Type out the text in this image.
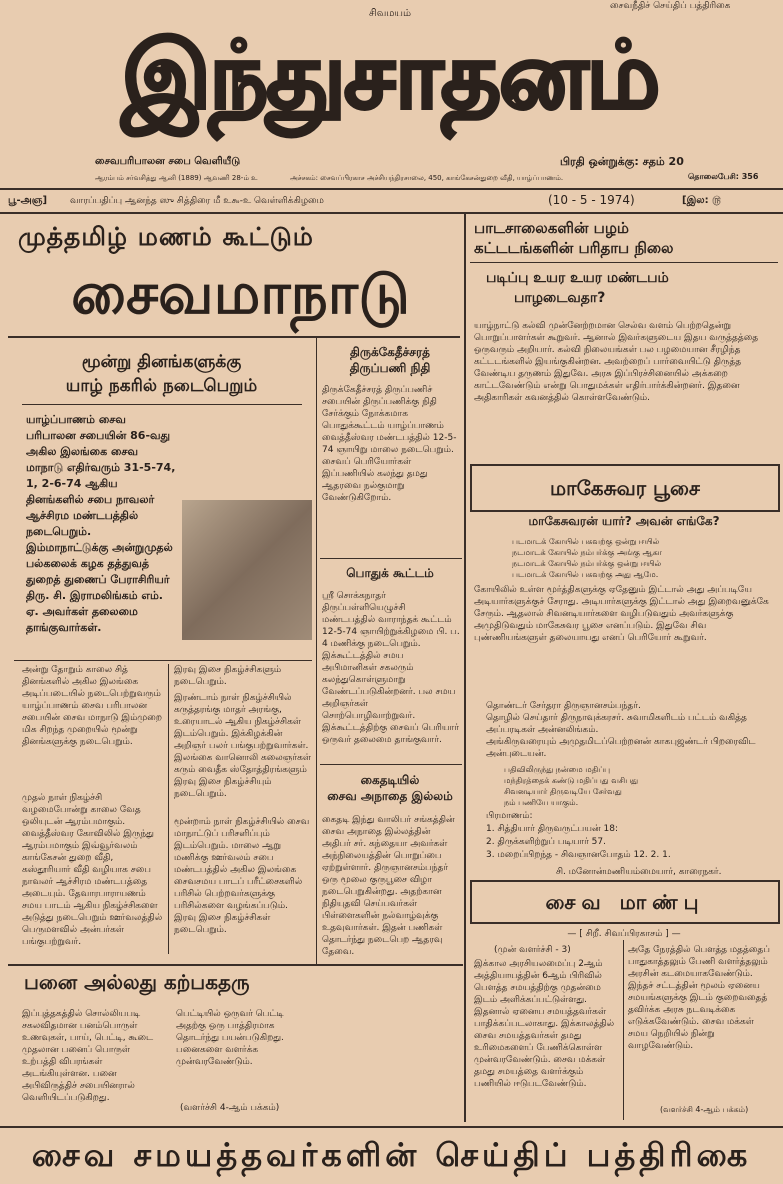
சைவநீதிச் செய்திப் பத்திரிகை
சிவமயம்
இந்துசாதனம்
சைவபரிபாலன சபை வெளியீடு	பிரதி ஒன்றுக்கு: சதம் 20
ஆரம்பம் சர்வசித்து ஆனி (1889) ஆவணி 28-ம் உ	அச்சகம்: சைவப்பிரகாச அச்சியந்திரசாலை, 450, காங்கேசன்துறை வீதி, யாழ்ப்பாணம்.	தொலைபேசி: 356
பூ-அஞ]	வாரப்பதிப்பு ஆனந்த ஸு சித்திரை மீ உ௯-உ வெள்ளிக்கிழமை	(10 - 5 - 1974)	[இல: ௫
முத்தமிழ் மணம் கூட்டும்
சைவமாநாடு
மூன்று தினங்களுக்கு
யாழ் நகரில் நடைபெறும்
யாழ்ப்பாணம் சைவ பரிபாலன சபையின் 86-வது அகில இலங்கை சைவ மாநாடு எதிர்வரும் 31-5-74, 1, 2-6-74 ஆகிய தினங்களில் சபை நாவலர் ஆச்சிரம மண்டபத்தில் நடைபெறும். இம்மாநாட்டுக்கு அன்றுமுதல் பல்கலைக் கழக தத்துவத் துறைத் துணைப் பேராசிரியர் திரு. சி. இராமலிங்கம் எம். ஏ. அவர்கள் தலைமை தாங்குவார்கள்.
அன்று தோறும் காலை சித் தினங்களில் அகில இலங்கை அடிப்படையில் நடைபெற்றுவரும் யாழ்ப்பாணம் சைவ பரிபாலன சபையின் சைவ மாநாடு இம்முறை மிக சிறந்த முறையில் மூன்று தினங்களுக்கு நடைபெறும்.
முதல் நாள் நிகழ்ச்சி வழமைபோன்று காலை வேத ஒலியுடன் ஆரம்பமாகும். வைத்தீஸ்வர கோவிலில் இருந்து ஆரம்பமாகும் இவ்வூர்வலம் காங்கேசன் துறை வீதி, கஸ்தூரியார் வீதி வழியாக சபை நாவலர் ஆச்சிரம மண்டபத்தை அடையும். தேவாரபாராயணம் சமய பாடம் ஆகிய நிகழ்ச்சிகளை அடுத்து நடைபெறும் ஊர்வலத்தில் பெருமளவில் அன்பர்கள் பங்குபற்றுவர்.
இரவு இசை நிகழ்ச்சிகளும் நடைபெறும்.
இரண்டாம் நாள் நிகழ்ச்சியில் கருத்தரங்கு மாதர் அரங்கு, உரையாடல் ஆகிய நிகழ்ச்சிகள் இடம்பெறும். இக்கிழக்கின் அறிஞர் பலர் பங்குபற்றுவார்கள். இலங்கை வானொலி கலைஞர்கள் கரும் வைதீக ஸ்தோத்திரங்களும் இரவு இசை நிகழ்ச்சியும் நடைபெறும்.
மூன்றாம் நாள் நிகழ்ச்சியில் சைவ மாநாட்டுப் பரிசளிப்பும் இடம்பெறும். மாலை ஆறு மணிக்கு ஊர்வலம் சபை மண்டபத்தில் அகில இலங்கை சைவசமய பாடப் பரீட்சைகளில் பரிசில் பெற்றவர்களுக்கு பரிசில்களை வழங்கப்படும். இரவு இசை நிகழ்ச்சிகள் நடைபெறும்.
திருக்கேதீச்சரத்
திருப்பணி நிதி
திருக்கேதீச்சரத் திருப்பணிச் சபையின் திருப்பணிக்கு நிதி சேர்க்கும் நோக்கமாக பொதுக்கூட்டம் யாழ்ப்பாணம் வைத்தீஸ்வர மண்டபத்தில் 12-5-74 ஞாயிறு மாலை நடைபெறும். சைவப் பெரியோர்கள் இப்பணியில் கலந்து தமது ஆதரவை நல்குமாறு வேண்டுகிறோம்.
பொதுக் கூட்டம்
ஸ்ரீ சொக்கநாதர் திருப்பள்ளியெழுச்சி மண்டபத்தில் வாராந்தக் கூட்டம் 12-5-74 ஞாயிற்றுக்கிழமை பி. ப. 4 மணிக்கு நடைபெறும். இக்கூட்டத்தில் சமய அபிமானிகள் சகலரும் கலந்துகொள்ளுமாறு வேண்டப்படுகின்றனர். பல சமய அறிஞர்கள் சொற்பொழிவாற்றுவர். இக்கூட்டத்திற்கு சைவப் பெரியார் ஒருவர் தலைமை தாங்குவார்.
கைதடியில்
சைவ அநாதை இல்லம்
கைதடி இந்து வாலிபர் சங்கத்தின் சைவ அநாதை இல்லத்தின் அதிபர் சர். கந்தையா அவர்கள் அந்நிலையத்தின் பொறுப்பை ஏற்றுள்ளார். திருஞானசம்பந்தர் ஒரு மூலை குருபூசை விழா நடைபெறுகின்றது. அதற்கான நிதியுதவி செய்பவர்கள் பிள்ளைகளின் நல்வாழ்வுக்கு உதவுவார்கள். இதன் பணிகள் தொடர்ந்து நடைபெற ஆதரவு தேவை.
பனை அல்லது கற்பகதரு
இப்புத்தகத்தில் சொல்லியபடி சகலவிதமான பனம்பொருள் உணவுகள், பாய், பெட்டி, கூடை முதலான பனைப் பொருள் உற்பத்தி விபரங்கள் அடங்கியுள்ளன. பனை அபிவிருத்திச் சபையினரால் வெளியிடப்படுகிறது.
பெட்டியில் ஒருவர் பெட்டி அதற்கு ஒரு பாத்திரமாக தொடர்ந்து பயன்படுகிறது. பனைகளை வளர்க்க முன்வரவேண்டும்.
(வளர்ச்சி 4-ஆம் பக்கம்)
பாடசாலைகளின் பழம்
கட்டடங்களின் பரிதாப நிலை
படிப்பு உயர உயர மண்டபம்
பாழடைவதா?
யாழ்நாட்டு கல்வி முன்னேற்றமான செல்வ வளம் பெற்றதென்று பொறுப்பாளர்கள் கூறுவர். ஆனால் இவர்களுடைய இதய வருத்தத்தை ஒருவரும் அறியார். கல்வி நிலையங்கள் பல பழமையான சீரழிந்த கட்டடங்களில் இயங்குகின்றன. அவற்றைப் பார்வையிட்டு திருத்த வேண்டிய தருணம் இதுவே. அரசு இப்பிரச்சினையில் அக்கறை காட்டவேண்டும் என்று பொதுமக்கள் எதிர்பார்க்கின்றனர். இதனை அதிகாரிகள் கவனத்தில் கொள்ளவேண்டும்.
மாகேசுவர பூசை
மாகேசுவரன் யார்? அவன் எங்கே?
படமாடக் கோயில் பகவற்கு ஒன்று ஈயில்
நடமாடக் கோயில் நம்பர்க்கு அங்கு ஆகா
நடமாடக் கோயில் நம்பர்க்கு ஒன்று ஈயில்
படமாடக் கோயில் பகவற்கு அது ஆமே.
கோயிலில் உள்ள மூர்த்திகளுக்கு ஏதேனும் இட்டால் அது அப்படியே அடியார்களுக்குச் சேராது. அடியார்களுக்கு இட்டால் அது இறைவனுக்கே சேரும். ஆதலால் சிவனடியார்களை வழிபடுவதும் அவர்களுக்கு அமுதிடுவதும் மாகேசுவர பூசை எனப்படும். இதுவே சிவ புண்ணியங்களுள் தலையாயது எனப் பெரியோர் கூறுவர்.
தொண்டர் சேர்தரா திருஞானசம்பந்தர்.
தொழில் செய்தார் திருநாவுக்கரசர். சுவாமிகளிடம் பட்டம் வகித்த அப்பரடிகள் அன்னலிங்கம்.
அங்கிருவரையும் அமுதமிடப்பெற்றனன் காகபுஜண்டர் பிறரைவிட அன்புடையன்.
பதிவிலிருந்து நன்மை மதிப்பு
மந்திரத்தைக் கண்டு மதிப்பது வசிபது
சிவனடியார் திருவடியே சேர்வது
நம் பணியே யாகும்.
பிரமாணம்:
1. சித்தியார் திருவருட்பயன் 18:
2. திருக்களிற்றுப் படியார் 57.
3. மறைப்பிறந்த - சிவஞானபோதம் 12. 2. 1.
சி. மனோன்மணியம்மையார், காரைநகர்.
சைவ மாண்பு
— [ சிறீ. சிவப்பிரகாசம் ] —
(முன் வளர்ச்சி - 3)
இக்கால அரசியலமைப்பு 2ஆம் அத்தியாயத்தின் 6ஆம் பிரிவில் பௌத்த சமயத்திற்கு முதன்மை இடம் அளிக்கப்பட்டுள்ளது. இதனால் ஏனைய சமயத்தவர்கள் பாதிக்கப்படலாகாது. இக்காலத்தில் சைவ சமயத்தவர்கள் தமது உரிமைகளைப் பேணிக்கொள்ள முன்வரவேண்டும். சைவ மக்கள் தமது சமயத்தை வளர்க்கும் பணியில் ஈடுபடவேண்டும்.
அதே நேரத்தில் பௌத்த மதத்தைப் பாதுகாத்தலும் பேணி வளர்த்தலும் அரசின் கடமையாகவேண்டும். இந்தச் சட்டத்தின் மூலம் ஏனைய சமயங்களுக்கு இடம் குறைவதைத் தவிர்க்க அரசு நடவடிக்கை எடுக்கவேண்டும். சைவ மக்கள் சமய நெறியில் நின்று வாழவேண்டும்.
(வளர்ச்சி 4-ஆம் பக்கம்)
சைவ சமயத்தவர்களின் செய்திப் பத்திரிகை
